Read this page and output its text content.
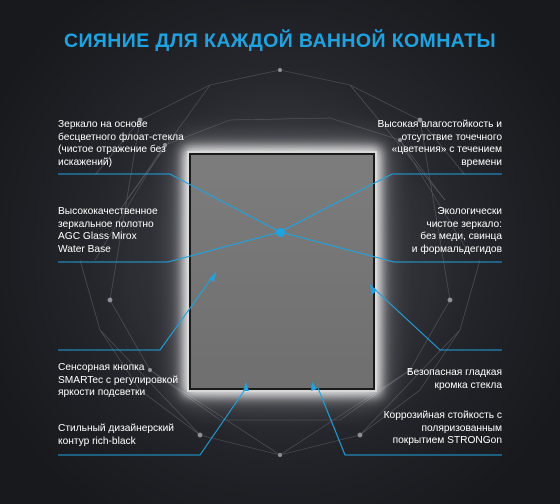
СИЯНИЕ ДЛЯ КАЖДОЙ ВАННОЙ КОМНАТЫ
Зеркало на основе
бесцветного флоат-стекла
(чистое отражение без
искажений)
Высококачественное
зеркальное полотно
AGC Glass Mirox
Water Base
Сенсорная кнопка
SMARTec с регулировкой
яркости подсветки
Стильный дизайнерский
контур rich-black
Высокая влагостойкость и
отсутствие точечного
«цветения» с течением
времени
Экологически
чистое зеркало:
без меди, свинца
и формальдегидов
Безопасная гладкая
кромка стекла
Коррозийная стойкость с
поляризованным
покрытием STRONGon
